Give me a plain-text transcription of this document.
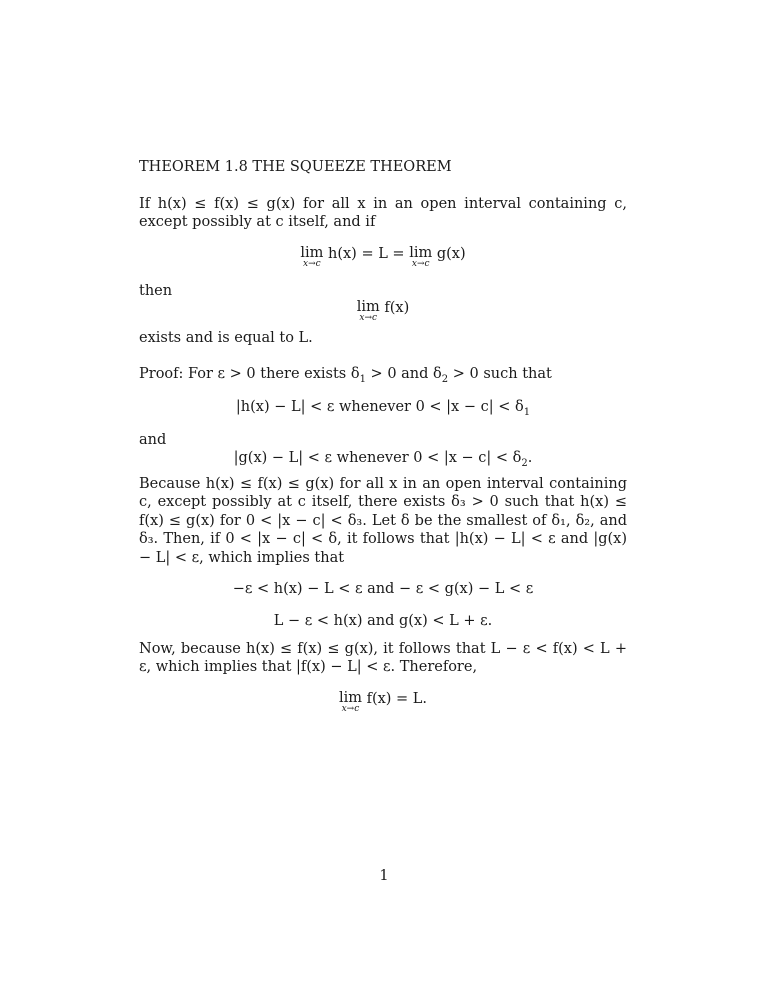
THEOREM 1.8 THE SQUEEZE THEOREM
If h(x) ≤ f(x) ≤ g(x) for all x in an open interval containing c, except possibly at c itself, and if
lim
x→c
h(x) = L = lim
x→c
g(x)
then
lim
x→c
f(x)
exists and is equal to L.
Proof: For ε > 0 there exists $\delta_1 > 0$ and $\delta_2 > 0$ such that
|h(x) − L| < ε whenever $0 < |x - c| < \delta_1$
and
|g(x) − L| < ε whenever $0 < |x - c| < \delta_2$.
Because h(x) ≤ f(x) ≤ g(x) for all x in an open interval containing c, except possibly at c itself, there exists δ₃ > 0 such that h(x) ≤ f(x) ≤ g(x) for 0 < |x − c| < δ₃. Let δ be the smallest of δ₁, δ₂, and δ₃. Then, if 0 < |x − c| < δ, it follows that |h(x) − L| < ε and |g(x) − L| < ε, which implies that
−ε < h(x) − L < ε and − ε < g(x) − L < ε
L − ε < h(x) and g(x) < L + ε.
Now, because h(x) ≤ f(x) ≤ g(x), it follows that L − ε < f(x) < L + ε, which implies that |f(x) − L| < ε. Therefore,
lim
x→c
f(x) = L.
1
